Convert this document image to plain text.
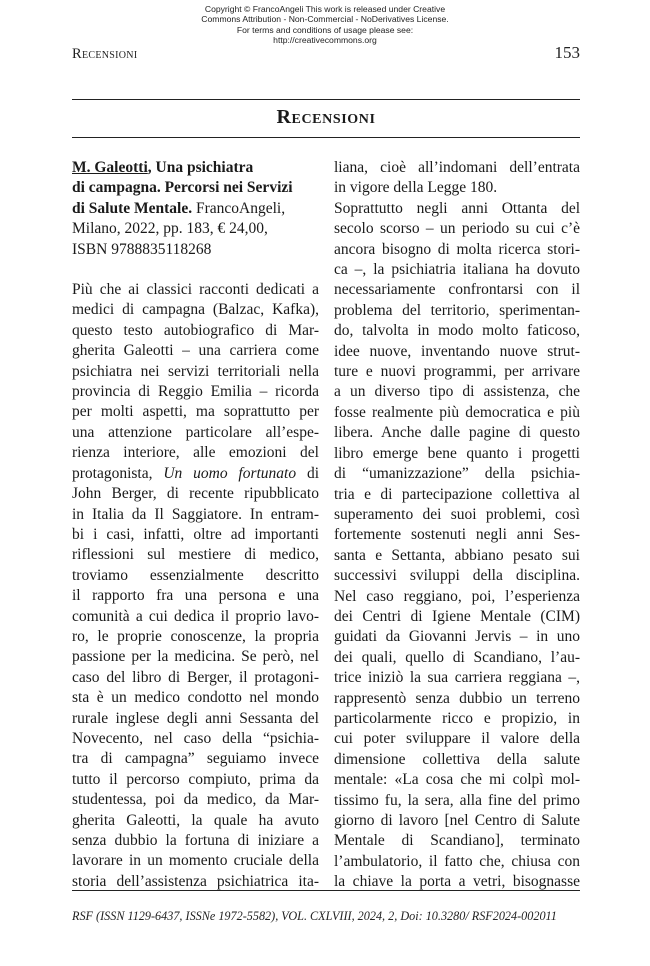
Copyright © FrancoAngeli This work is released under Creative
Commons Attribution - Non-Commercial - NoDerivatives License.
For terms and conditions of usage please see:
http://creativecommons.org
Recensioni	153
Recensioni
M. Galeotti, Una psichiatra
di campagna. Percorsi nei Servizi
di Salute Mentale. FrancoAngeli,
Milano, 2022, pp. 183, € 24,00,
ISBN 9788835118268
Più che ai classici racconti dedicati a
medici di campagna (Balzac, Kafka),
questo testo autobiografico di Mar-
gherita Galeotti – una carriera come
psichiatra nei servizi territoriali nella
provincia di Reggio Emilia – ricorda
per molti aspetti, ma soprattutto per
una attenzione particolare all’espe-
rienza interiore, alle emozioni del
protagonista, Un uomo fortunato di
John Berger, di recente ripubblicato
in Italia da Il Saggiatore. In entram-
bi i casi, infatti, oltre ad importanti
riflessioni sul mestiere di medico,
troviamo essenzialmente descritto
il rapporto fra una persona e una
comunità a cui dedica il proprio lavo-
ro, le proprie conoscenze, la propria
passione per la medicina. Se però, nel
caso del libro di Berger, il protagoni-
sta è un medico condotto nel mondo
rurale inglese degli anni Sessanta del
Novecento, nel caso della “psichia-
tra di campagna” seguiamo invece
tutto il percorso compiuto, prima da
studentessa, poi da medico, da Mar-
gherita Galeotti, la quale ha avuto
senza dubbio la fortuna di iniziare a
lavorare in un momento cruciale della
storia dell’assistenza psichiatrica ita-
liana, cioè all’indomani dell’entrata
in vigore della Legge 180.
Soprattutto negli anni Ottanta del
secolo scorso – un periodo su cui c’è
ancora bisogno di molta ricerca stori-
ca –, la psichiatria italiana ha dovuto
necessariamente confrontarsi con il
problema del territorio, sperimentan-
do, talvolta in modo molto faticoso,
idee nuove, inventando nuove strut-
ture e nuovi programmi, per arrivare
a un diverso tipo di assistenza, che
fosse realmente più democratica e più
libera. Anche dalle pagine di questo
libro emerge bene quanto i progetti
di “umanizzazione” della psichia-
tria e di partecipazione collettiva al
superamento dei suoi problemi, così
fortemente sostenuti negli anni Ses-
santa e Settanta, abbiano pesato sui
successivi sviluppi della disciplina.
Nel caso reggiano, poi, l’esperienza
dei Centri di Igiene Mentale (CIM)
guidati da Giovanni Jervis – in uno
dei quali, quello di Scandiano, l’au-
trice iniziò la sua carriera reggiana –,
rappresentò senza dubbio un terreno
particolarmente ricco e propizio, in
cui poter sviluppare il valore della
dimensione collettiva della salute
mentale: «La cosa che mi colpì mol-
tissimo fu, la sera, alla fine del primo
giorno di lavoro [nel Centro di Salute
Mentale di Scandiano], terminato
l’ambulatorio, il fatto che, chiusa con
la chiave la porta a vetri, bisognasse
RSF (ISSN 1129-6437, ISSNe 1972-5582), VOL. CXLVIII, 2024, 2, Doi: 10.3280/ RSF2024-002011
